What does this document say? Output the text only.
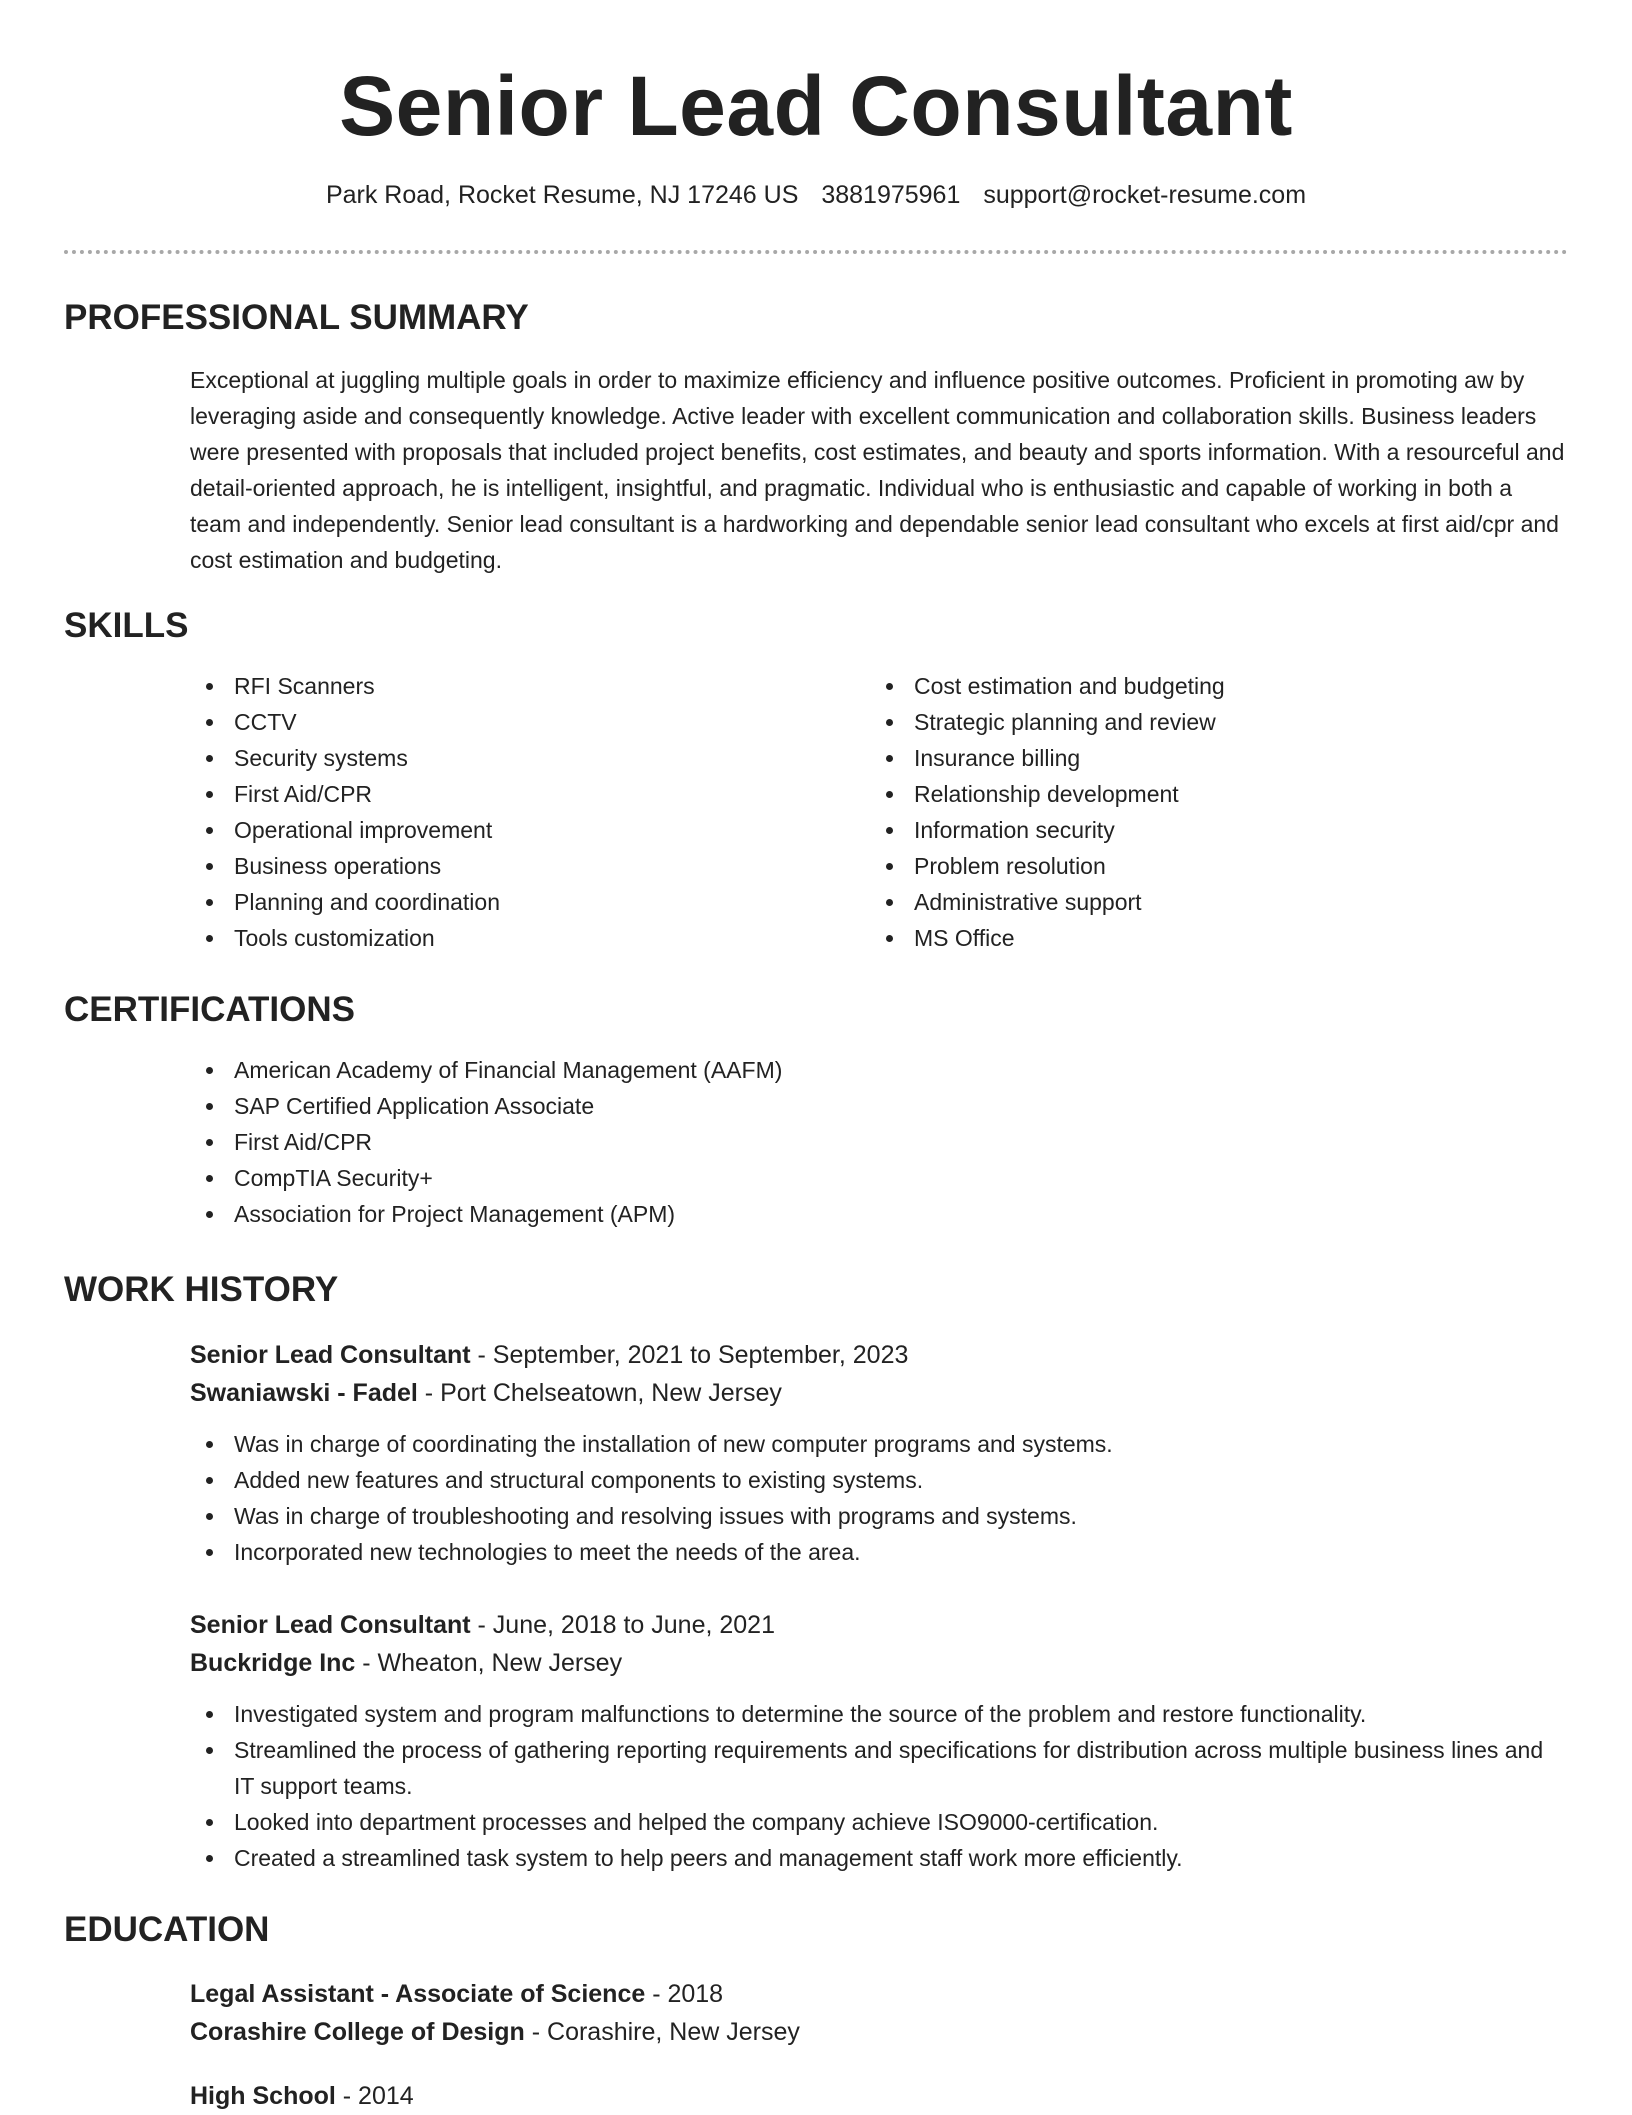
Senior Lead Consultant
Park Road, Rocket Resume, NJ 17246 US 3881975961 support@rocket-resume.com
PROFESSIONAL SUMMARY

Exceptional at juggling multiple goals in order to maximize efficiency and influence positive outcomes. Proficient in promoting aw by leveraging aside and consequently knowledge. Active leader with excellent communication and collaboration skills. Business leaders were presented with proposals that included project benefits, cost estimates, and beauty and sports information. With a resourceful and detail-oriented approach, he is intelligent, insightful, and pragmatic. Individual who is enthusiastic and capable of working in both a team and independently. Senior lead consultant is a hardworking and dependable senior lead consultant who excels at first aid/cpr and cost estimation and budgeting.

SKILLS
RFI Scanners
CCTV
Security systems
First Aid/CPR
Operational improvement
Business operations
Planning and coordination
Tools customization
Cost estimation and budgeting
Strategic planning and review
Insurance billing
Relationship development
Information security
Problem resolution
Administrative support
MS Office
CERTIFICATIONS
American Academy of Financial Management (AAFM)
SAP Certified Application Associate
First Aid/CPR
CompTIA Security+
Association for Project Management (APM)
WORK HISTORY
Senior Lead Consultant - September, 2021 to September, 2023
Swaniawski - Fadel - Port Chelseatown, New Jersey
Was in charge of coordinating the installation of new computer programs and systems.
Added new features and structural components to existing systems.
Was in charge of troubleshooting and resolving issues with programs and systems.
Incorporated new technologies to meet the needs of the area.
Senior Lead Consultant - June, 2018 to June, 2021
Buckridge Inc - Wheaton, New Jersey
Investigated system and program malfunctions to determine the source of the problem and restore functionality.
Streamlined the process of gathering reporting requirements and specifications for distribution across multiple business lines and IT support teams.
Looked into department processes and helped the company achieve ISO9000-certification.
Created a streamlined task system to help peers and management staff work more efficiently.
EDUCATION
Legal Assistant - Associate of Science - 2018
Corashire College of Design - Corashire, New Jersey
High School - 2014
